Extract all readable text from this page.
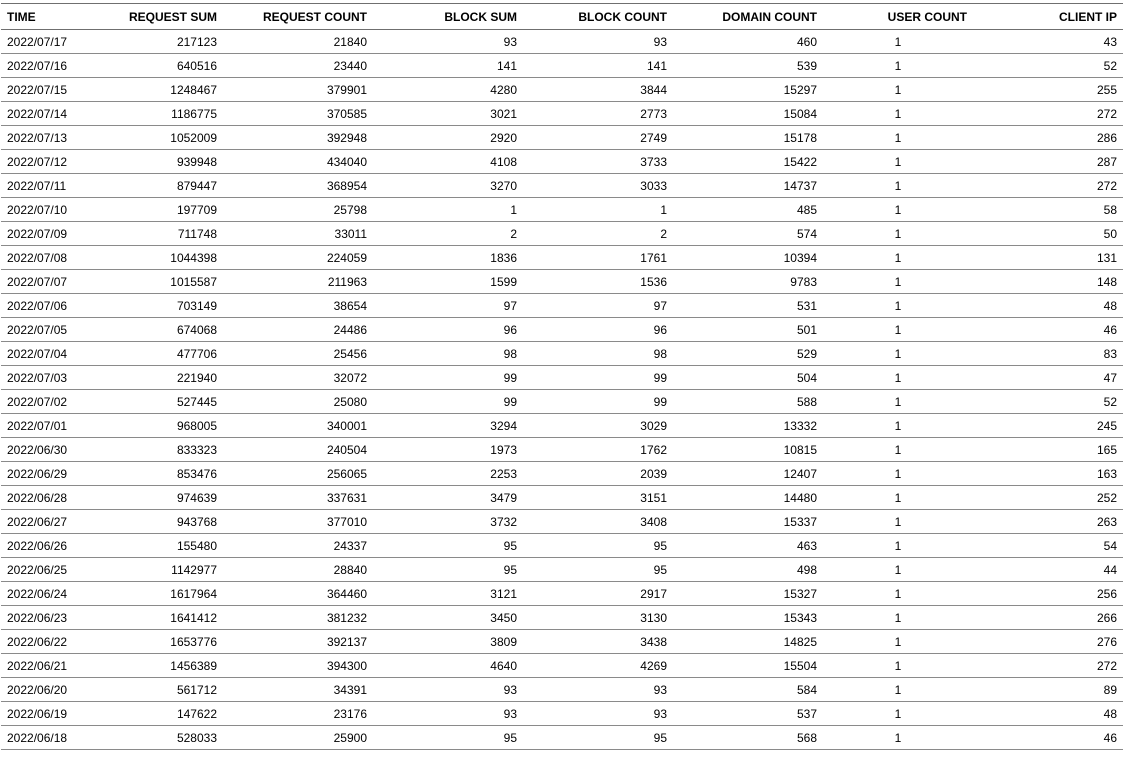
TIME	REQUEST SUM	REQUEST COUNT	BLOCK SUM	BLOCK COUNT	DOMAIN COUNT	USER COUNT	CLIENT IP
2022/07/17	217123	21840	93	93	460	1	43
2022/07/16	640516	23440	141	141	539	1	52
2022/07/15	1248467	379901	4280	3844	15297	1	255
2022/07/14	1186775	370585	3021	2773	15084	1	272
2022/07/13	1052009	392948	2920	2749	15178	1	286
2022/07/12	939948	434040	4108	3733	15422	1	287
2022/07/11	879447	368954	3270	3033	14737	1	272
2022/07/10	197709	25798	1	1	485	1	58
2022/07/09	711748	33011	2	2	574	1	50
2022/07/08	1044398	224059	1836	1761	10394	1	131
2022/07/07	1015587	211963	1599	1536	9783	1	148
2022/07/06	703149	38654	97	97	531	1	48
2022/07/05	674068	24486	96	96	501	1	46
2022/07/04	477706	25456	98	98	529	1	83
2022/07/03	221940	32072	99	99	504	1	47
2022/07/02	527445	25080	99	99	588	1	52
2022/07/01	968005	340001	3294	3029	13332	1	245
2022/06/30	833323	240504	1973	1762	10815	1	165
2022/06/29	853476	256065	2253	2039	12407	1	163
2022/06/28	974639	337631	3479	3151	14480	1	252
2022/06/27	943768	377010	3732	3408	15337	1	263
2022/06/26	155480	24337	95	95	463	1	54
2022/06/25	1142977	28840	95	95	498	1	44
2022/06/24	1617964	364460	3121	2917	15327	1	256
2022/06/23	1641412	381232	3450	3130	15343	1	266
2022/06/22	1653776	392137	3809	3438	14825	1	276
2022/06/21	1456389	394300	4640	4269	15504	1	272
2022/06/20	561712	34391	93	93	584	1	89
2022/06/19	147622	23176	93	93	537	1	48
2022/06/18	528033	25900	95	95	568	1	46
